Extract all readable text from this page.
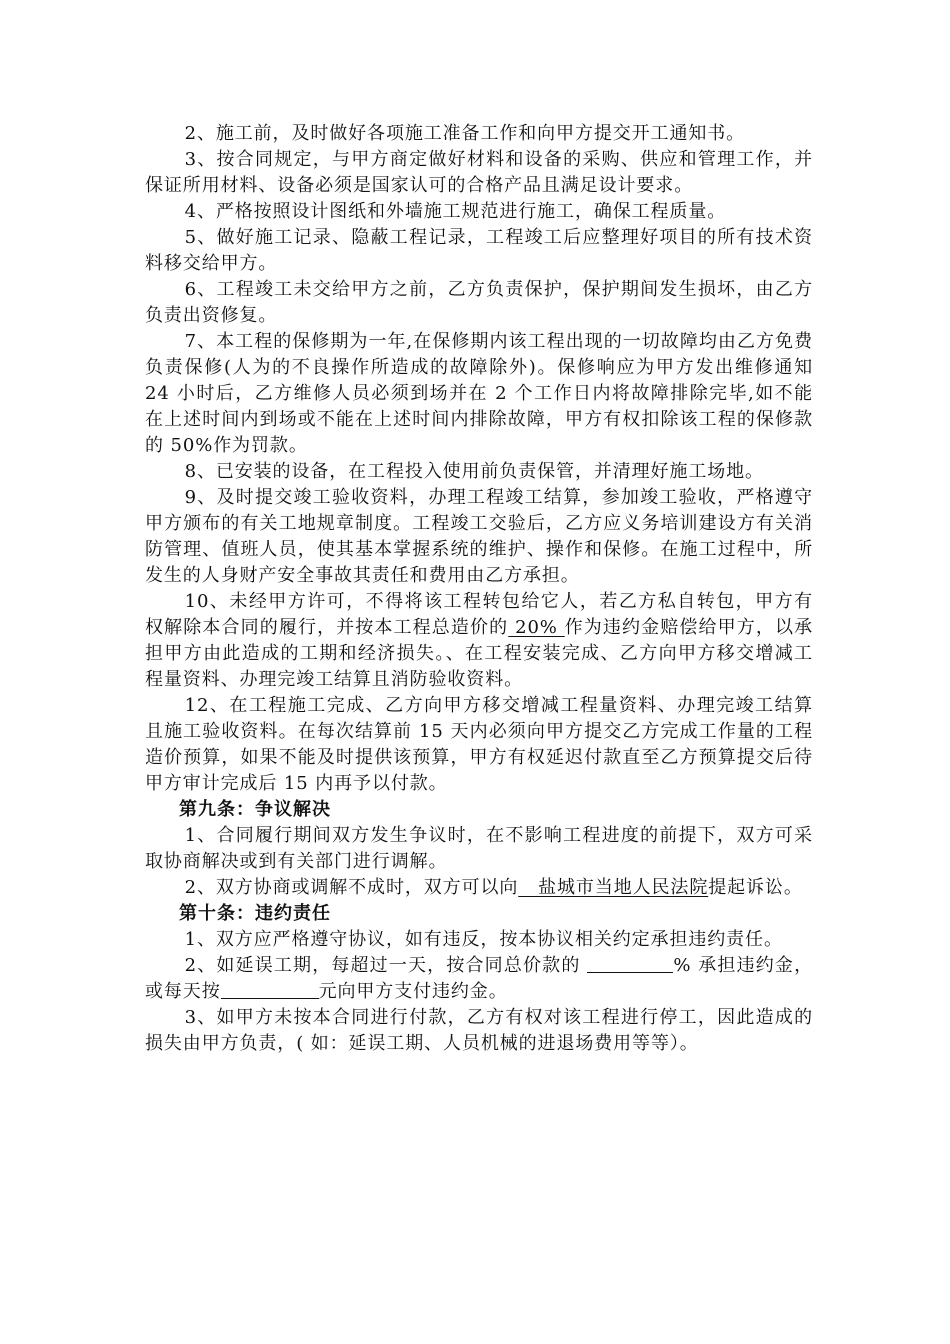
2、施工前，及时做好各项施工准备工作和向甲方提交开工通知书。

3、按合同规定，与甲方商定做好材料和设备的采购、供应和管理工作，并保证所用材料、设备必须是国家认可的合格产品且满足设计要求。

4、严格按照设计图纸和外墙施工规范进行施工，确保工程质量。

5、做好施工记录、隐蔽工程记录，工程竣工后应整理好项目的所有技术资料移交给甲方。

6、工程竣工未交给甲方之前，乙方负责保护，保护期间发生损坏，由乙方负责出资修复。

7、本工程的保修期为一年,在保修期内该工程出现的一切故障均由乙方免费负责保修(人为的不良操作所造成的故障除外)。保修响应为甲方发出维修通知 24 小时后，乙方维修人员必须到场并在 2 个工作日内将故障排除完毕,如不能在上述时间内到场或不能在上述时间内排除故障，甲方有权扣除该工程的保修款的 50%作为罚款。

8、已安装的设备，在工程投入使用前负责保管，并清理好施工场地。

9、及时提交竣工验收资料，办理工程竣工结算，参加竣工验收，严格遵守甲方颁布的有关工地规章制度。工程竣工交验后，乙方应义务培训建设方有关消防管理、值班人员，使其基本掌握系统的维护、操作和保修。在施工过程中，所发生的人身财产安全事故其责任和费用由乙方承担。

10、未经甲方许可，不得将该工程转包给它人，若乙方私自转包，甲方有权解除本合同的履行，并按本工程总造价的 20% 作为违约金赔偿给甲方，以承担甲方由此造成的工期和经济损失。、在工程安装完成、乙方向甲方移交增减工程量资料、办理完竣工结算且消防验收资料。

12、在工程施工完成、乙方向甲方移交增减工程量资料、办理完竣工结算且施工验收资料。在每次结算前 15 天内必须向甲方提交乙方完成工作量的工程造价预算，如果不能及时提供该预算，甲方有权延迟付款直至乙方预算提交后待甲方审计完成后 15 内再予以付款。

第九条：争议解决

1、合同履行期间双方发生争议时，在不影响工程进度的前提下，双方可采取协商解决或到有关部门进行调解。

2、双方协商或调解不成时，双方可以向   盐城市当地人民法院提起诉讼。

第十条：违约责任

1、双方应严格遵守协议，如有违反，按本协议相关约定承担违约责任。

2、如延误工期，每超过一天，按合同总价款的	% 承担违约金，或每天按	元向甲方支付违约金。

3、如甲方未按本合同进行付款，乙方有权对该工程进行停工，因此造成的损失由甲方负责，( 如：延误工期、人员机械的进退场费用等等）。
